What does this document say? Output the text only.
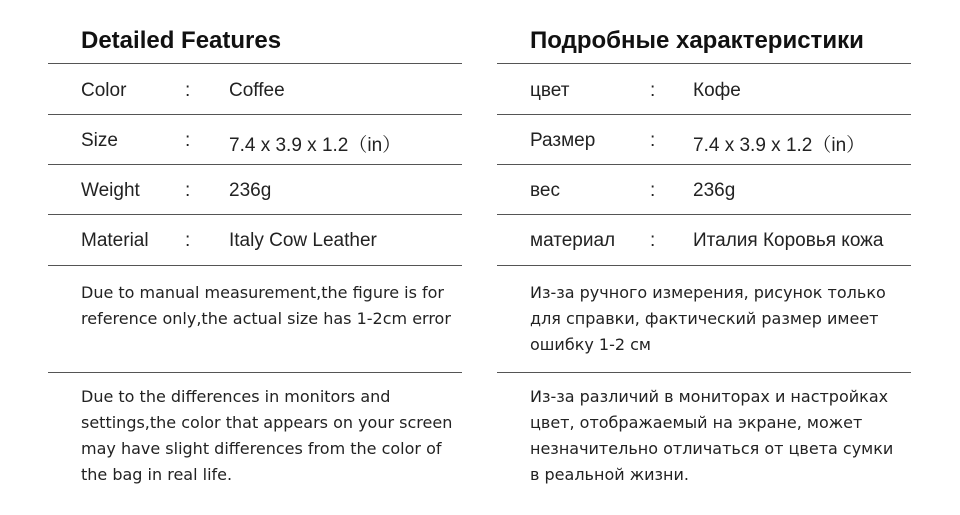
Detailed Features
Color	: Coffee
Size	: 7.4 x 3.9 x 1.2（in）
Weight : 236g
Material : Italy Cow Leather
Due to manual measurement,the figure is for reference only,the actual size has 1-2cm error
Due to the differences in monitors and settings,the color that appears on your screen may have slight differences from the color of the bag in real life.
Подробные характеристики
цвет	: Кофе
Размер	: 7.4 x 3.9 x 1.2（in）
вес	: 236g
материал : Италия Коровья кожа
Из-за ручного измерения, рисунок только для справки, фактический размер имеет ошибку 1-2 см
Из-за различий в мониторах и настройках цвет, отображаемый на экране, может незначительно отличаться от цвета сумки в реальной жизни.
